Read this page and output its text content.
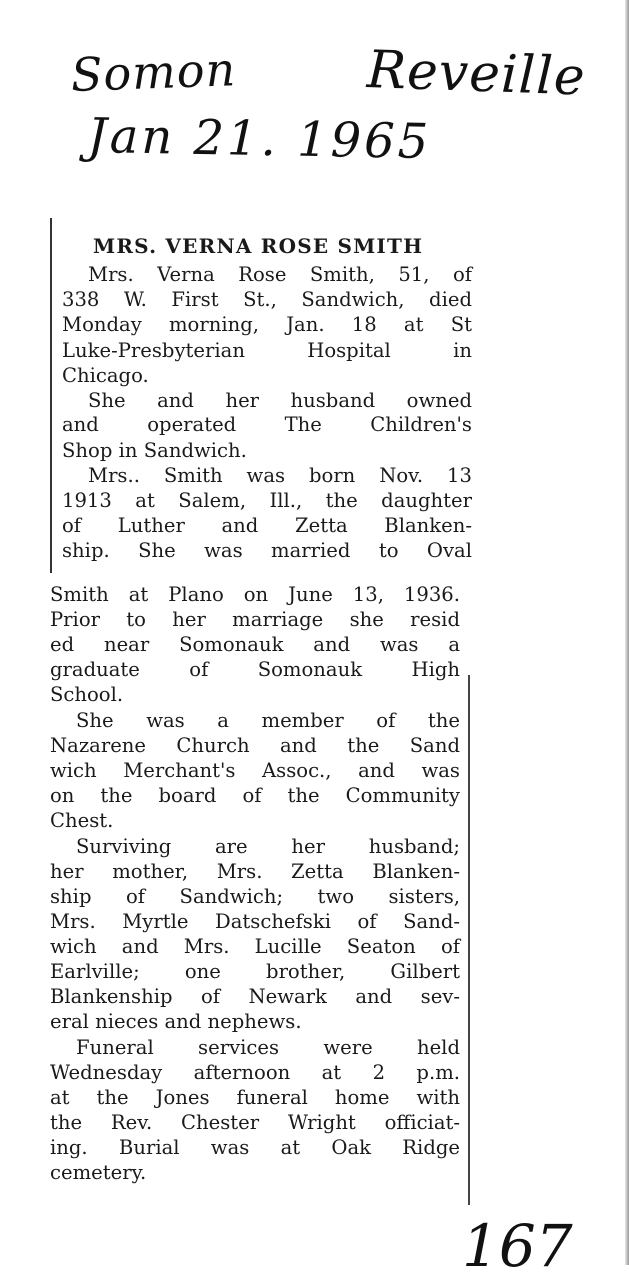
Somon Reveille
Jan 21. 1965
MRS. VERNA ROSE SMITH
Mrs. Verna Rose Smith, 51, of
338 W. First St., Sandwich, died
Monday morning, Jan. 18 at St
Luke-Presbyterian Hospital in
Chicago.
She and her husband owned
and operated The Children's
Shop in Sandwich.
Mrs.. Smith was born Nov. 13
1913 at Salem, Ill., the daughter
of Luther and Zetta Blanken-
ship. She was married to Oval
Smith at Plano on June 13, 1936.
Prior to her marriage she resid
ed near Somonauk and was a
graduate of Somonauk High
School.
She was a member of the
Nazarene Church and the Sand
wich Merchant's Assoc., and was
on the board of the Community
Chest.
Surviving are her husband;
her mother, Mrs. Zetta Blanken-
ship of Sandwich; two sisters,
Mrs. Myrtle Datschefski of Sand-
wich and Mrs. Lucille Seaton of
Earlville; one brother, Gilbert
Blankenship of Newark and sev-
eral nieces and nephews.
Funeral services were held
Wednesday afternoon at 2 p.m.
at the Jones funeral home with
the Rev. Chester Wright officiat-
ing. Burial was at Oak Ridge
cemetery.
167
